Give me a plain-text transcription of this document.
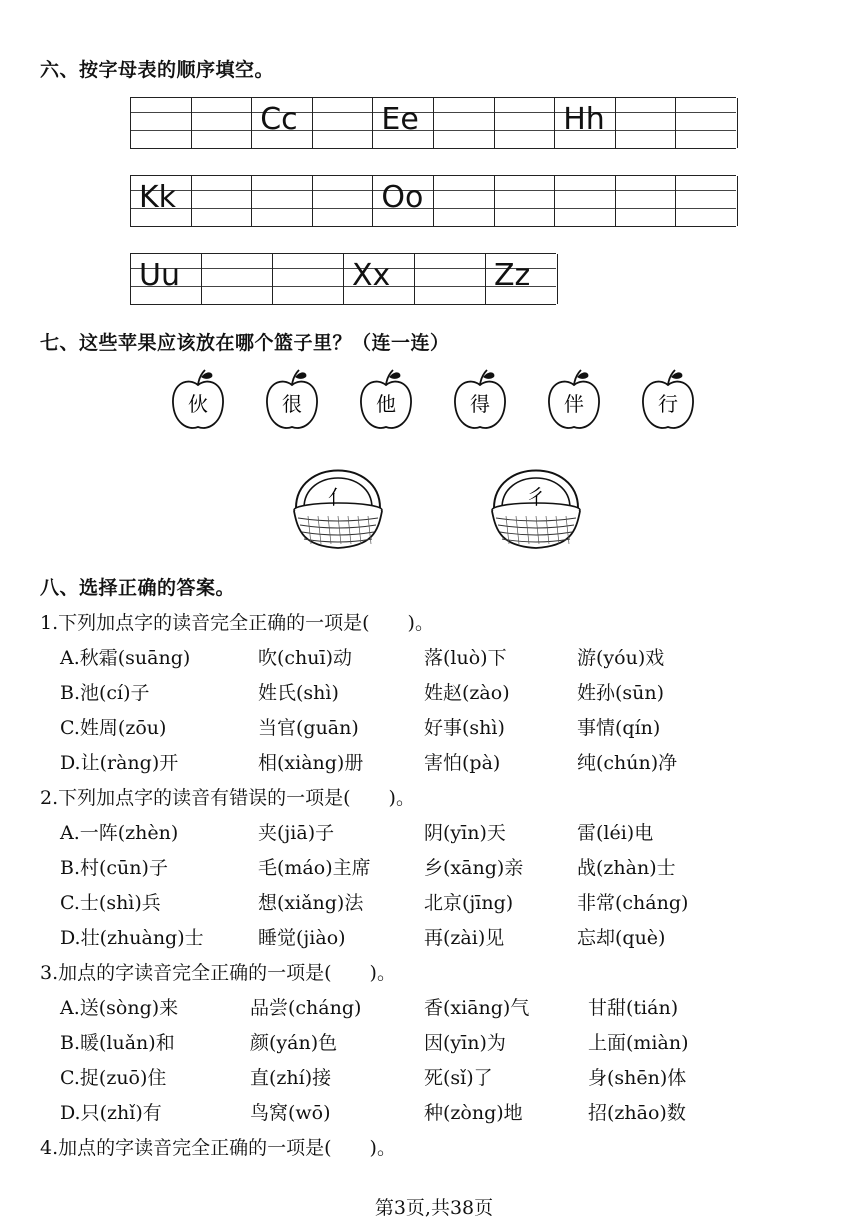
六、按字母表的顺序填空。
Cc	Ee	Hh
Kk	Oo
Uu	Xx	Zz
七、这些苹果应该放在哪个篮子里？（连一连）
伙	很	他	得	伴	行
亻	彳
八、选择正确的答案。
1.下列加点字的读音完全正确的一项是(　　)。
A.秋霜(suāng)	吹(chuī)动	落(luò)下	游(yóu)戏
B.池(cí)子	姓氏(shì)	姓赵(zào)	姓孙(sūn)
C.姓周(zōu)	当官(guān)	好事(shì)	事情(qín)
D.让(ràng)开	相(xiàng)册	害怕(pà)	纯(chún)净
2.下列加点字的读音有错误的一项是(　　)。
A.一阵(zhèn)	夹(jiā)子	阴(yīn)天	雷(léi)电
B.村(cūn)子	毛(máo)主席	乡(xāng)亲	战(zhàn)士
C.士(shì)兵	想(xiǎng)法	北京(jīng)	非常(cháng)
D.壮(zhuàng)士	睡觉(jiào)	再(zài)见	忘却(què)
3.加点的字读音完全正确的一项是(　　)。
A.送(sòng)来	品尝(cháng)	香(xiāng)气	甘甜(tián)
B.暖(luǎn)和	颜(yán)色	因(yīn)为	上面(miàn)
C.捉(zuō)住	直(zhí)接	死(sǐ)了	身(shēn)体
D.只(zhǐ)有	鸟窝(wō)	种(zòng)地	招(zhāo)数
4.加点的字读音完全正确的一项是(　　)。
第3页,共38页
